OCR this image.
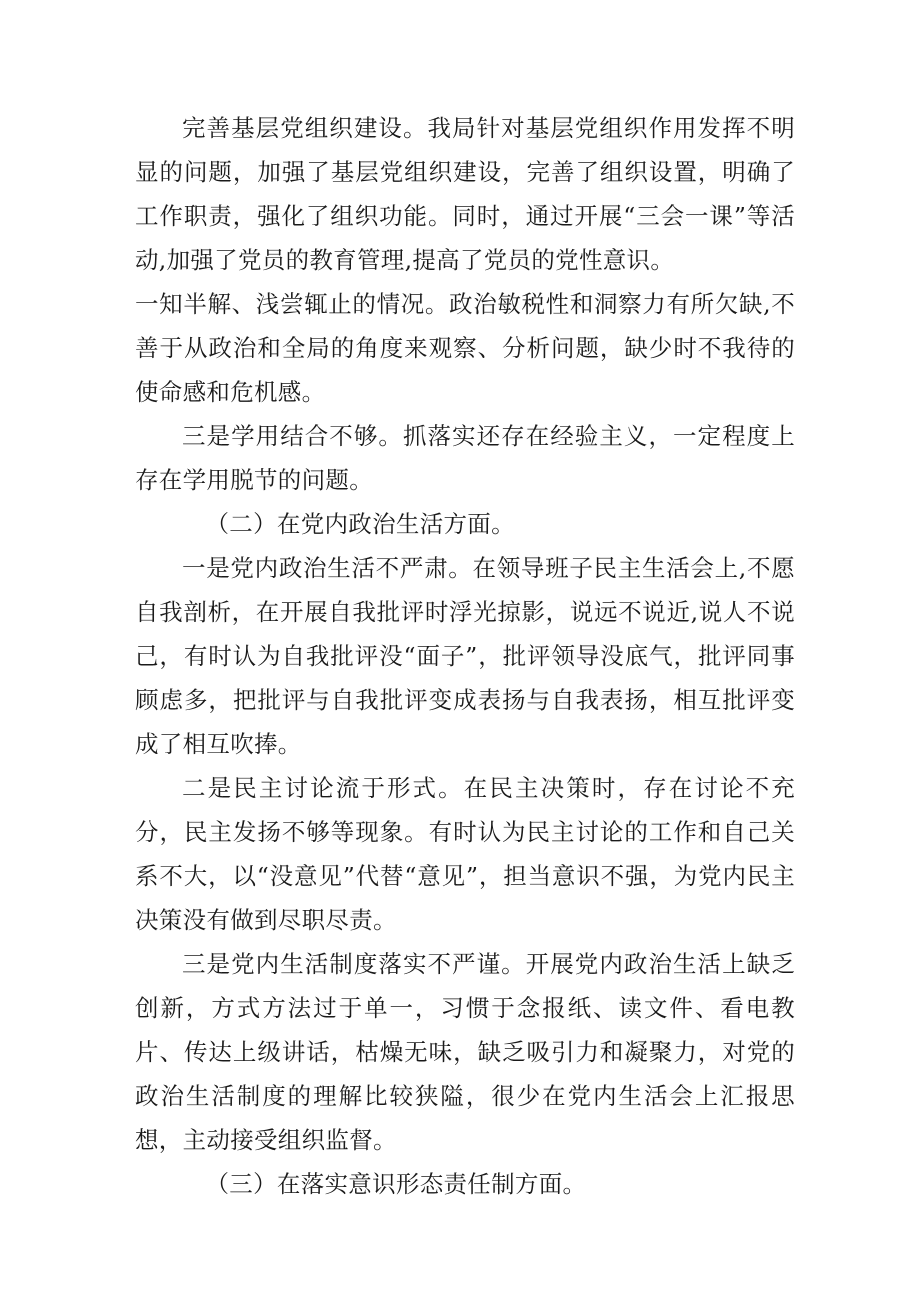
完善基层党组织建设。我局针对基层党组织作用发挥不明显的问题，加强了基层党组织建设，完善了组织设置，明确了工作职责，强化了组织功能。同时，通过开展“三会一课”等活动,加强了党员的教育管理,提高了党员的党性意识。

一知半解、浅尝辄止的情况。政治敏税性和洞察力有所欠缺,不善于从政治和全局的角度来观察、分析问题，缺少时不我待的使命感和危机感。

三是学用结合不够。抓落实还存在经验主义，一定程度上存在学用脱节的问题。

（二）在党内政治生活方面。

一是党内政治生活不严肃。在领导班子民主生活会上,不愿自我剖析，在开展自我批评时浮光掠影，说远不说近,说人不说己，有时认为自我批评没“面子”，批评领导没底气，批评同事顾虑多，把批评与自我批评变成表扬与自我表扬，相互批评变成了相互吹捧。

二是民主讨论流于形式。在民主决策时，存在讨论不充分，民主发扬不够等现象。有时认为民主讨论的工作和自己关系不大，以“没意见”代替“意见”，担当意识不强，为党内民主决策没有做到尽职尽责。

三是党内生活制度落实不严谨。开展党内政治生活上缺乏创新，方式方法过于单一，习惯于念报纸、读文件、看电教片、传达上级讲话，枯燥无味，缺乏吸引力和凝聚力，对党的政治生活制度的理解比较狭隘，很少在党内生活会上汇报思想，主动接受组织监督。

（三）在落实意识形态责任制方面。
